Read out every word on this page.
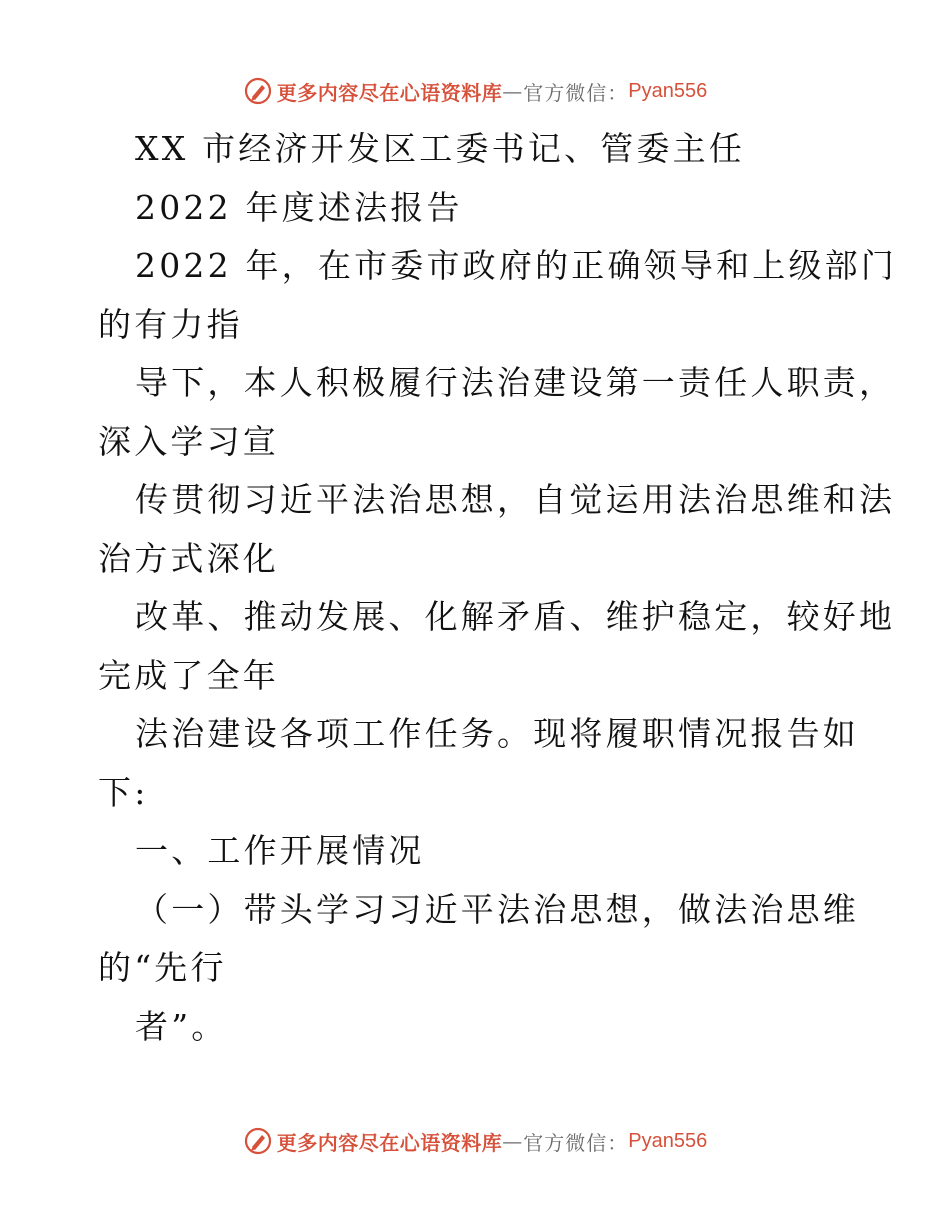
更多内容尽在心语资料库 — 官方微信： Pyan556
XX 市经济开发区工委书记、管委主任
2022 年度述法报告
2022 年，在市委市政府的正确领导和上级部门
的有力指
导下，本人积极履行法治建设第一责任人职责，
深入学习宣
传贯彻习近平法治思想，自觉运用法治思维和法
治方式深化
改革、推动发展、化解矛盾、维护稳定，较好地
完成了全年
法治建设各项工作任务。现将履职情况报告如
下:
一、工作开展情况
（一）带头学习习近平法治思想，做法治思维
的“先行
者”。
更多内容尽在心语资料库 — 官方微信： Pyan556
